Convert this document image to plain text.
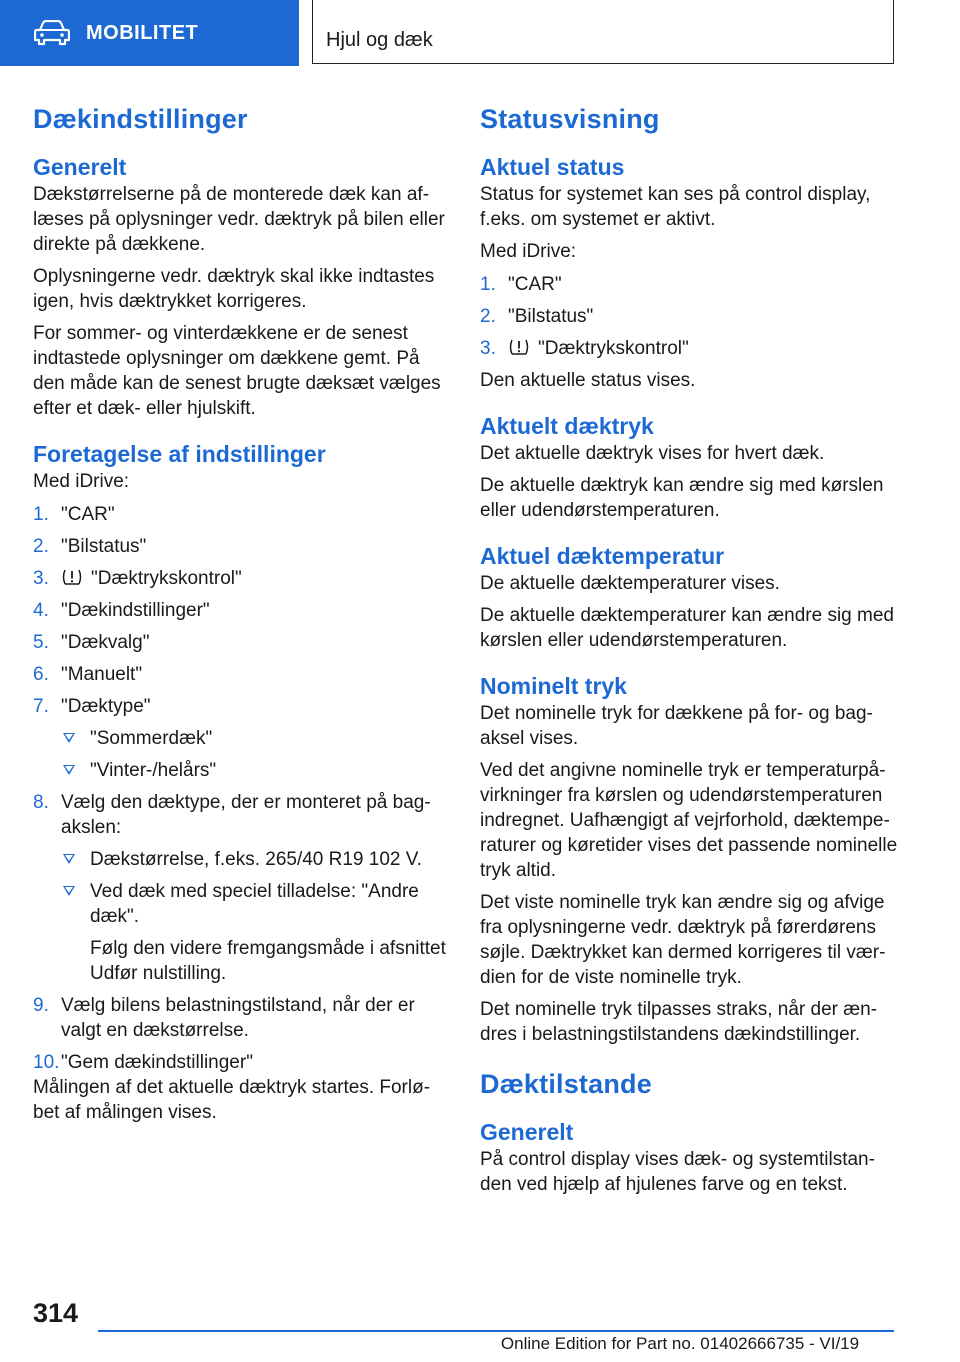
MOBILITET	Hjul og dæk
Dækindstillinger
Generelt

Dækstørrelserne på de monterede dæk kan aflæses på oplysninger vedr. dæktryk på bilen eller direkte på dækkene.

Oplysningerne vedr. dæktryk skal ikke indtastes igen, hvis dæktrykket korrigeres.

For sommer- og vinterdækkene er de senest indtastede oplysninger om dækkene gemt. På den måde kan de senest brugte dæksæt vælges efter et dæk- eller hjulskift.

Foretagelse af indstillinger

Med iDrive:

1. "CAR"
2. "Bilstatus"
3. "Dæktrykskontrol"
4. "Dækindstillinger"
5. "Dækvalg"
6. "Manuelt"
7. "Dæktype"
"Sommerdæk"
"Vinter-/helårs"
8. Vælg den dæktype, der er monteret på bagakslen:
Dækstørrelse, f.eks. 265/40 R19 102 V.
Ved dæk med speciel tilladelse: "Andre dæk".

Følg den videre fremgangsmåde i afsnittet Udfør nulstilling.

9. Vælg bilens belastningstilstand, når der er valgt en dækstørrelse.
10. "Gem dækindstillinger"

Målingen af det aktuelle dæktryk startes. Forløbet af målingen vises.

Statusvisning
Aktuel status

Status for systemet kan ses på control display, f.eks. om systemet er aktivt.

Med iDrive:

1. "CAR"
2. "Bilstatus"
3. "Dæktrykskontrol"

Den aktuelle status vises.

Aktuelt dæktryk

Det aktuelle dæktryk vises for hvert dæk.

De aktuelle dæktryk kan ændre sig med kørslen eller udendørstemperaturen.

Aktuel dæktemperatur

De aktuelle dæktemperaturer vises.

De aktuelle dæktemperaturer kan ændre sig med kørslen eller udendørstemperaturen.

Nominelt tryk

Det nominelle tryk for dækkene på for- og bagaksel vises.

Ved det angivne nominelle tryk er temperaturpåvirkninger fra kørslen og udendørstemperaturen indregnet. Uafhængigt af vejrforhold, dæktemperaturer og køretider vises det passende nominelle tryk altid.

Det viste nominelle tryk kan ændre sig og afvige fra oplysningerne vedr. dæktryk på førerdørens søjle. Dæktrykket kan dermed korrigeres til værdien for de viste nominelle tryk.

Det nominelle tryk tilpasses straks, når der ændres i belastningstilstandens dækindstillinger.

Dæktilstande
Generelt

På control display vises dæk- og systemtilstanden ved hjælp af hjulenes farve og en tekst.

314
Online Edition for Part no. 01402666735 - VI/19
